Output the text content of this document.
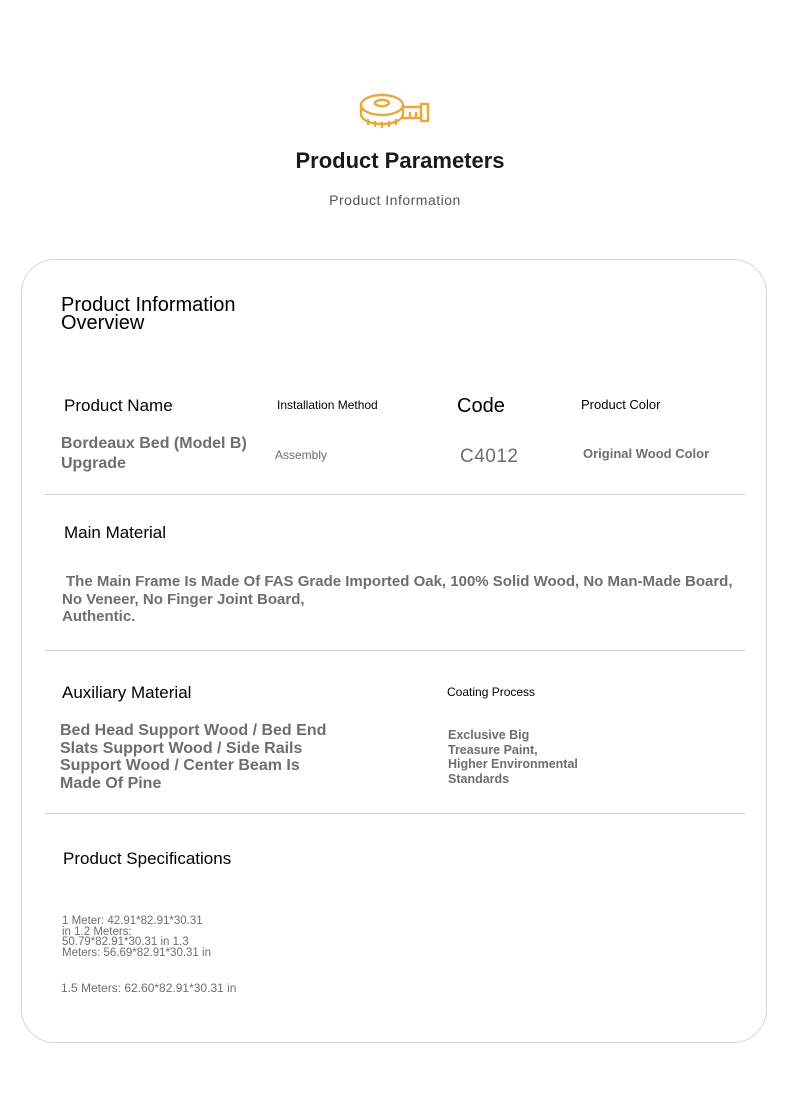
Product Parameters
Product Information
Product Information
Overview
Product Name
Bordeaux Bed (Model B)
Upgrade
Installation Method
Assembly
Code
C4012
Product Color
Original Wood Color
Main Material
The Main Frame Is Made Of FAS Grade Imported Oak, 100% Solid Wood, No Man-Made Board,
No Veneer, No Finger Joint Board,
Authentic.
Auxiliary Material
Bed Head Support Wood / Bed End
Slats Support Wood / Side Rails
Support Wood / Center Beam Is
Made Of Pine
Coating Process
Exclusive Big
Treasure Paint,
Higher Environmental
Standards
Product Specifications
1 Meter: 42.91*82.91*30.31
in 1.2 Meters:
50.79*82.91*30.31 in 1.3
Meters: 56.69*82.91*30.31 in
1.5 Meters: 62.60*82.91*30.31 in
